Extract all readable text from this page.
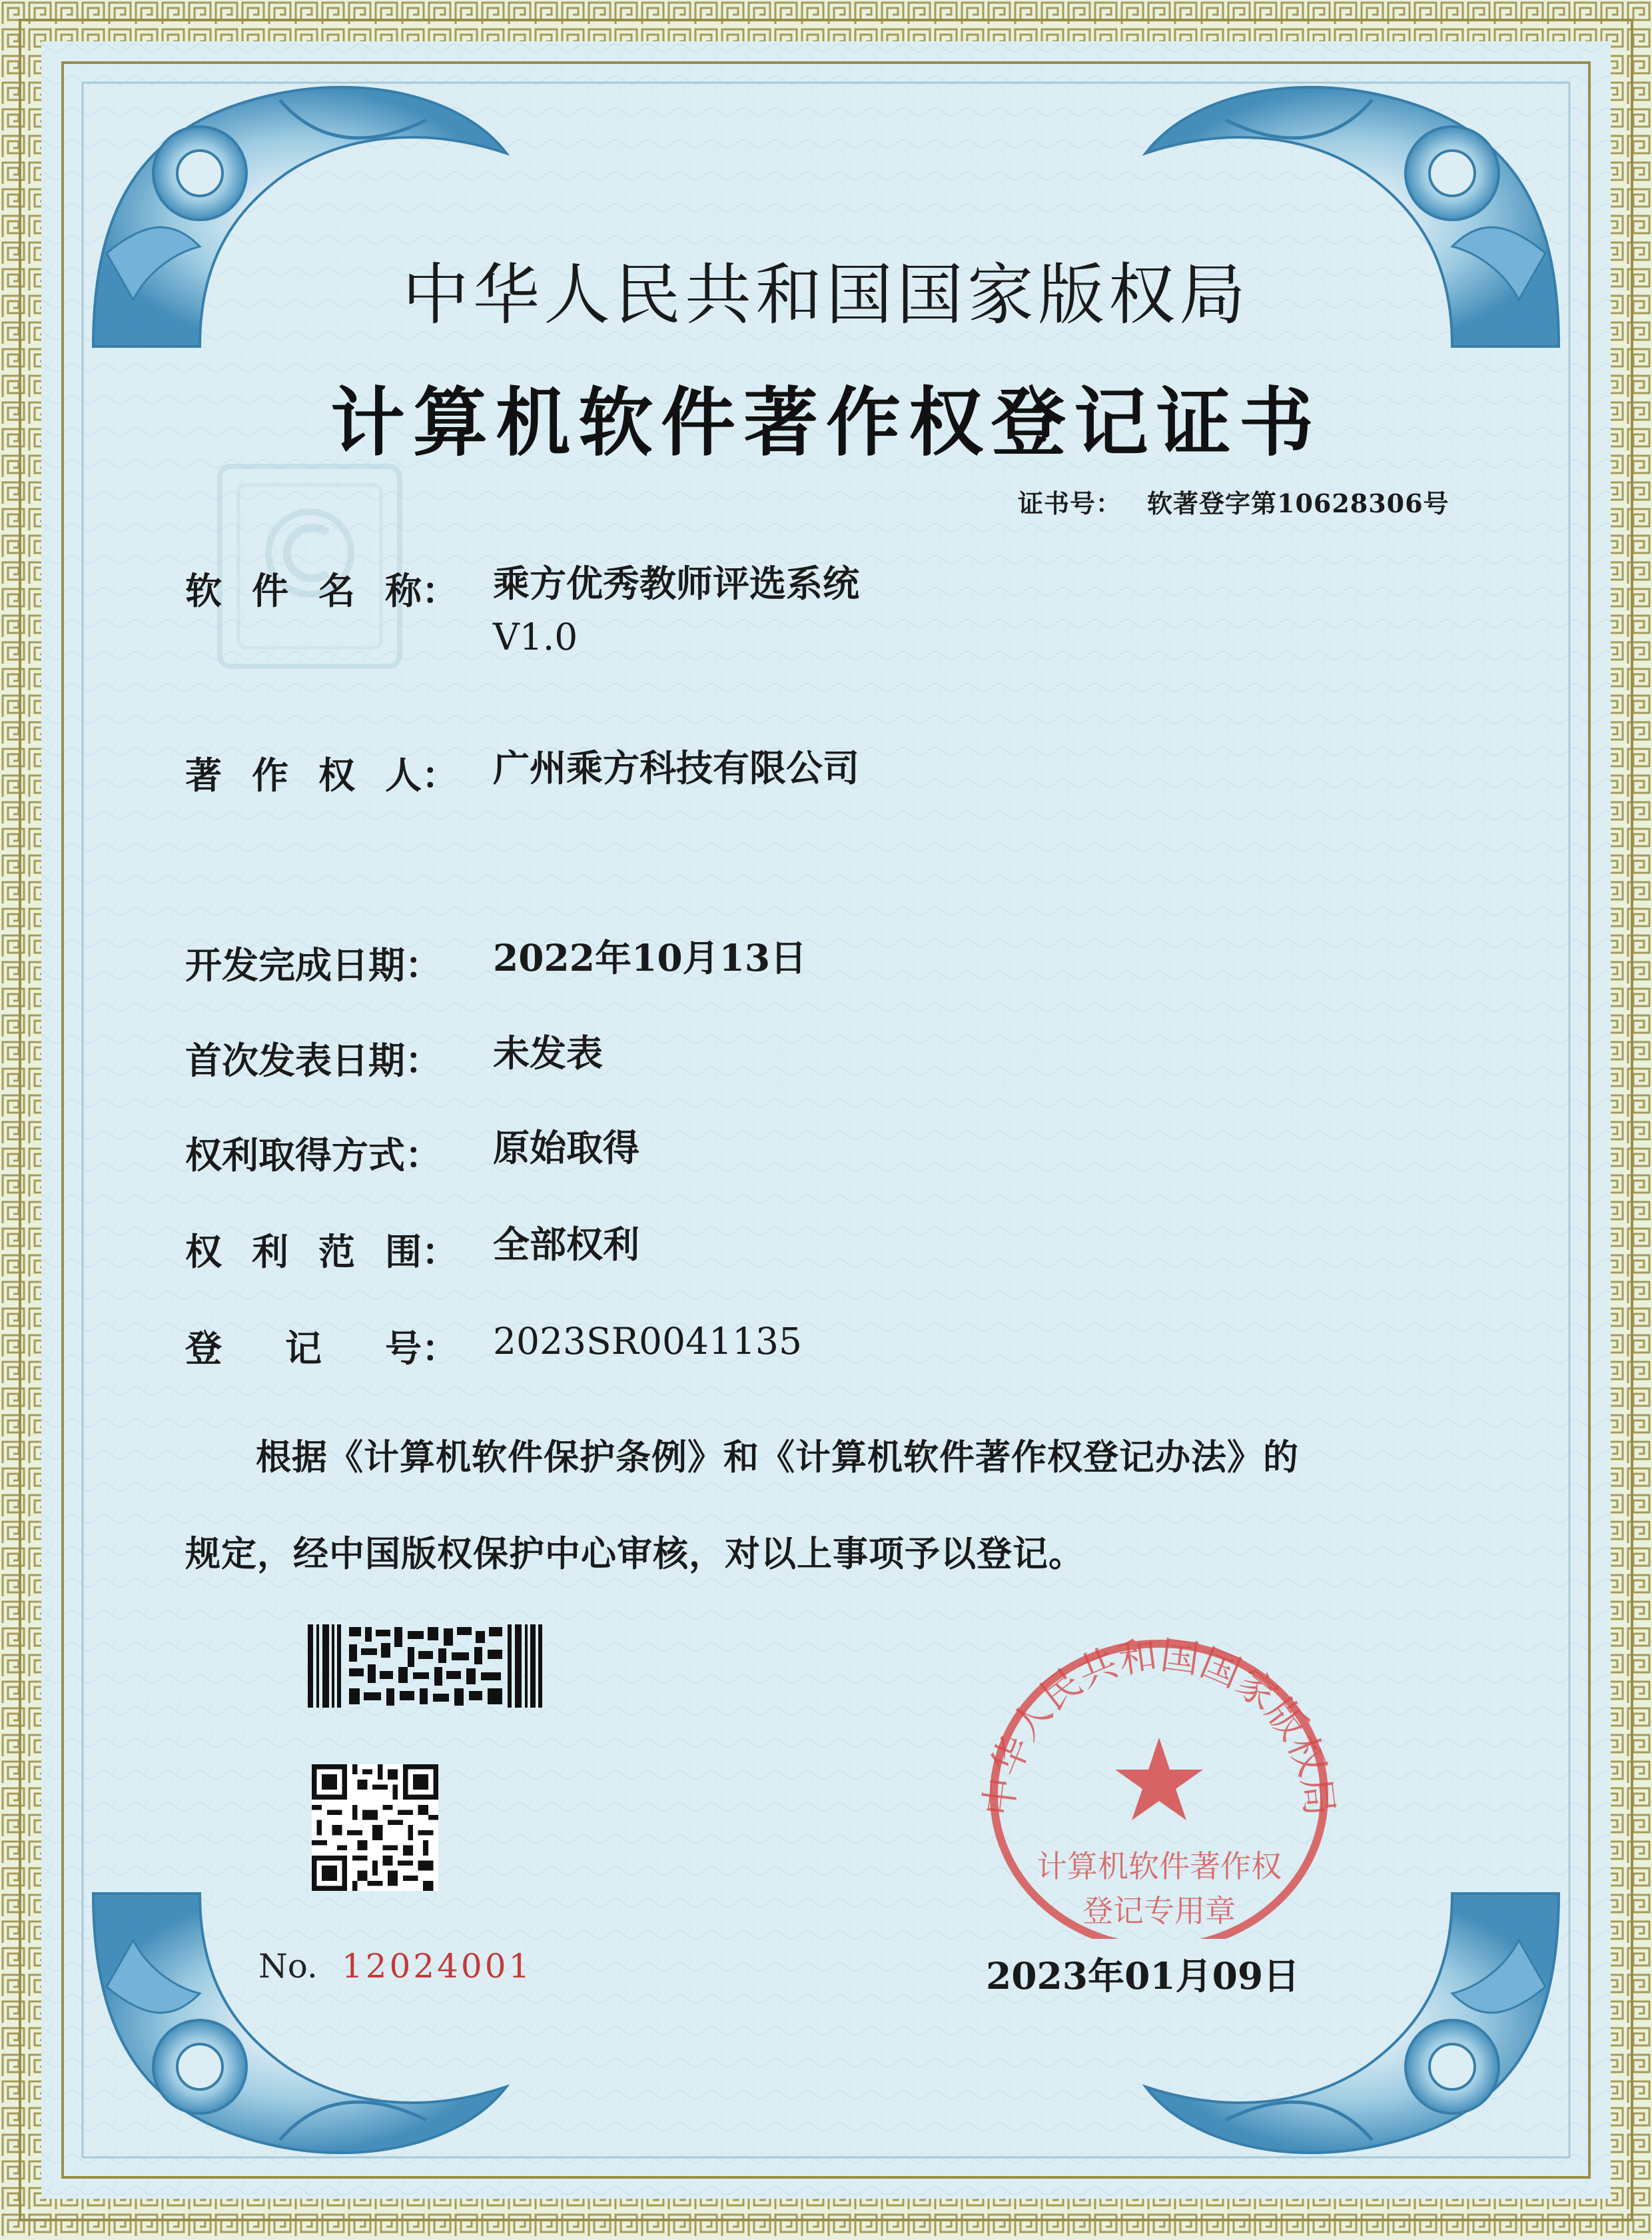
中华人民共和国国家版权局
计算机软件著作权登记证书
证书号： 软著登字第10628306号
软 件 名 称： 乘方优秀教师评选系统
V1.0
著 作 权 人： 广州乘方科技有限公司
开发完成日期： 2022年10月13日
首次发表日期： 未发表
权利取得方式： 原始取得
权 利 范 围： 全部权利
登 记 号： 2023SR0041135
根据《计算机软件保护条例》和《计算机软件著作权登记办法》的
规定，经中国版权保护中心审核，对以上事项予以登记。
No. 12024001
中华人民共和国国家版权局
计算机软件著作权
登记专用章
2023年01月09日
